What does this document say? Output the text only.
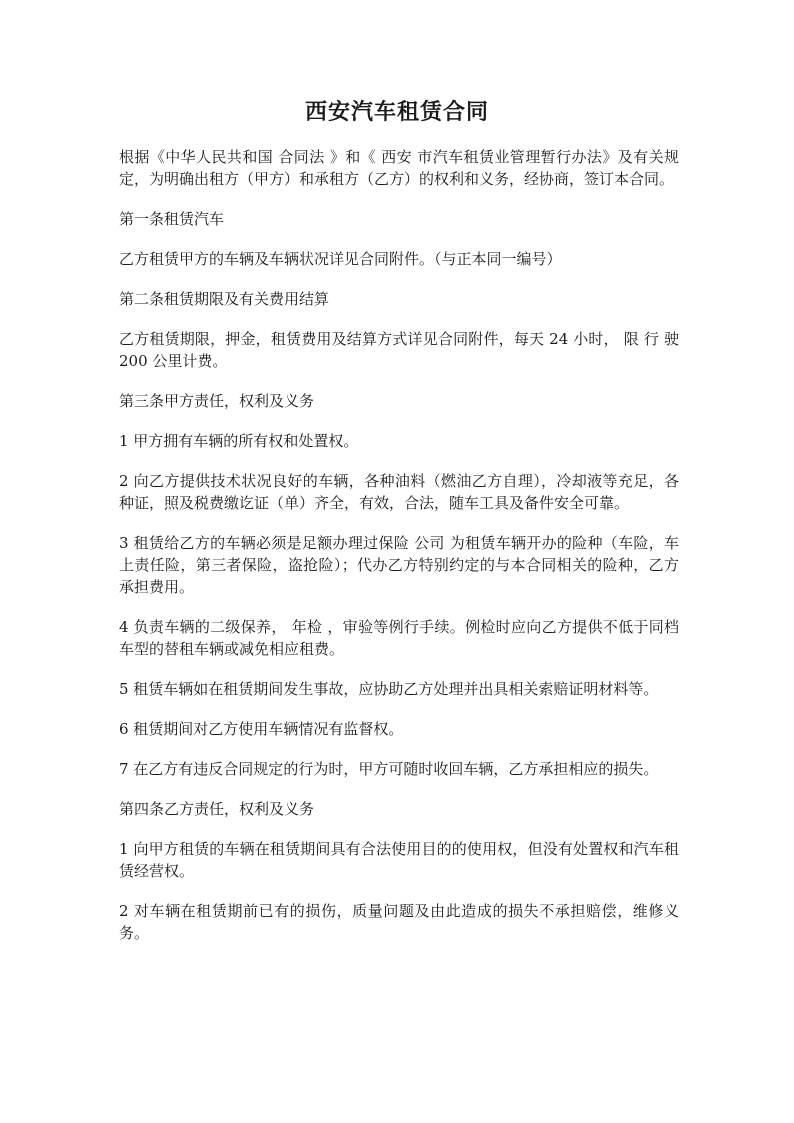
西安汽车租赁合同

根据《中华人民共和国 合同法 》和《 西安 市汽车租赁业管理暂行办法》及有关规定，为明确出租方（甲方）和承租方（乙方）的权利和义务，经协商，签订本合同。

第一条租赁汽车

乙方租赁甲方的车辆及车辆状况详见合同附件。（与正本同一编号）

第二条租赁期限及有关费用结算

乙方租赁期限，押金，租赁费用及结算方式详见合同附件，每天 24 小时， 限 行 驶 200 公里计费。

第三条甲方责任，权利及义务

1 甲方拥有车辆的所有权和处置权。

2 向乙方提供技术状况良好的车辆，各种油料（燃油乙方自理），冷却液等充足，各种证，照及税费缴讫证（单）齐全，有效，合法，随车工具及备件安全可靠。

3 租赁给乙方的车辆必须是足额办理过保险 公司 为租赁车辆开办的险种（车险，车上责任险，第三者保险，盗抢险）；代办乙方特别约定的与本合同相关的险种，乙方承担费用。

4 负责车辆的二级保养， 年检 ，审验等例行手续。例检时应向乙方提供不低于同档车型的替租车辆或减免相应租费。

5 租赁车辆如在租赁期间发生事故，应协助乙方处理并出具相关索赔证明材料等。

6 租赁期间对乙方使用车辆情况有监督权。

7 在乙方有违反合同规定的行为时，甲方可随时收回车辆，乙方承担相应的损失。

第四条乙方责任，权利及义务

1 向甲方租赁的车辆在租赁期间具有合法使用目的的使用权，但没有处置权和汽车租赁经营权。

2 对车辆在租赁期前已有的损伤，质量问题及由此造成的损失不承担赔偿，维修义务。
